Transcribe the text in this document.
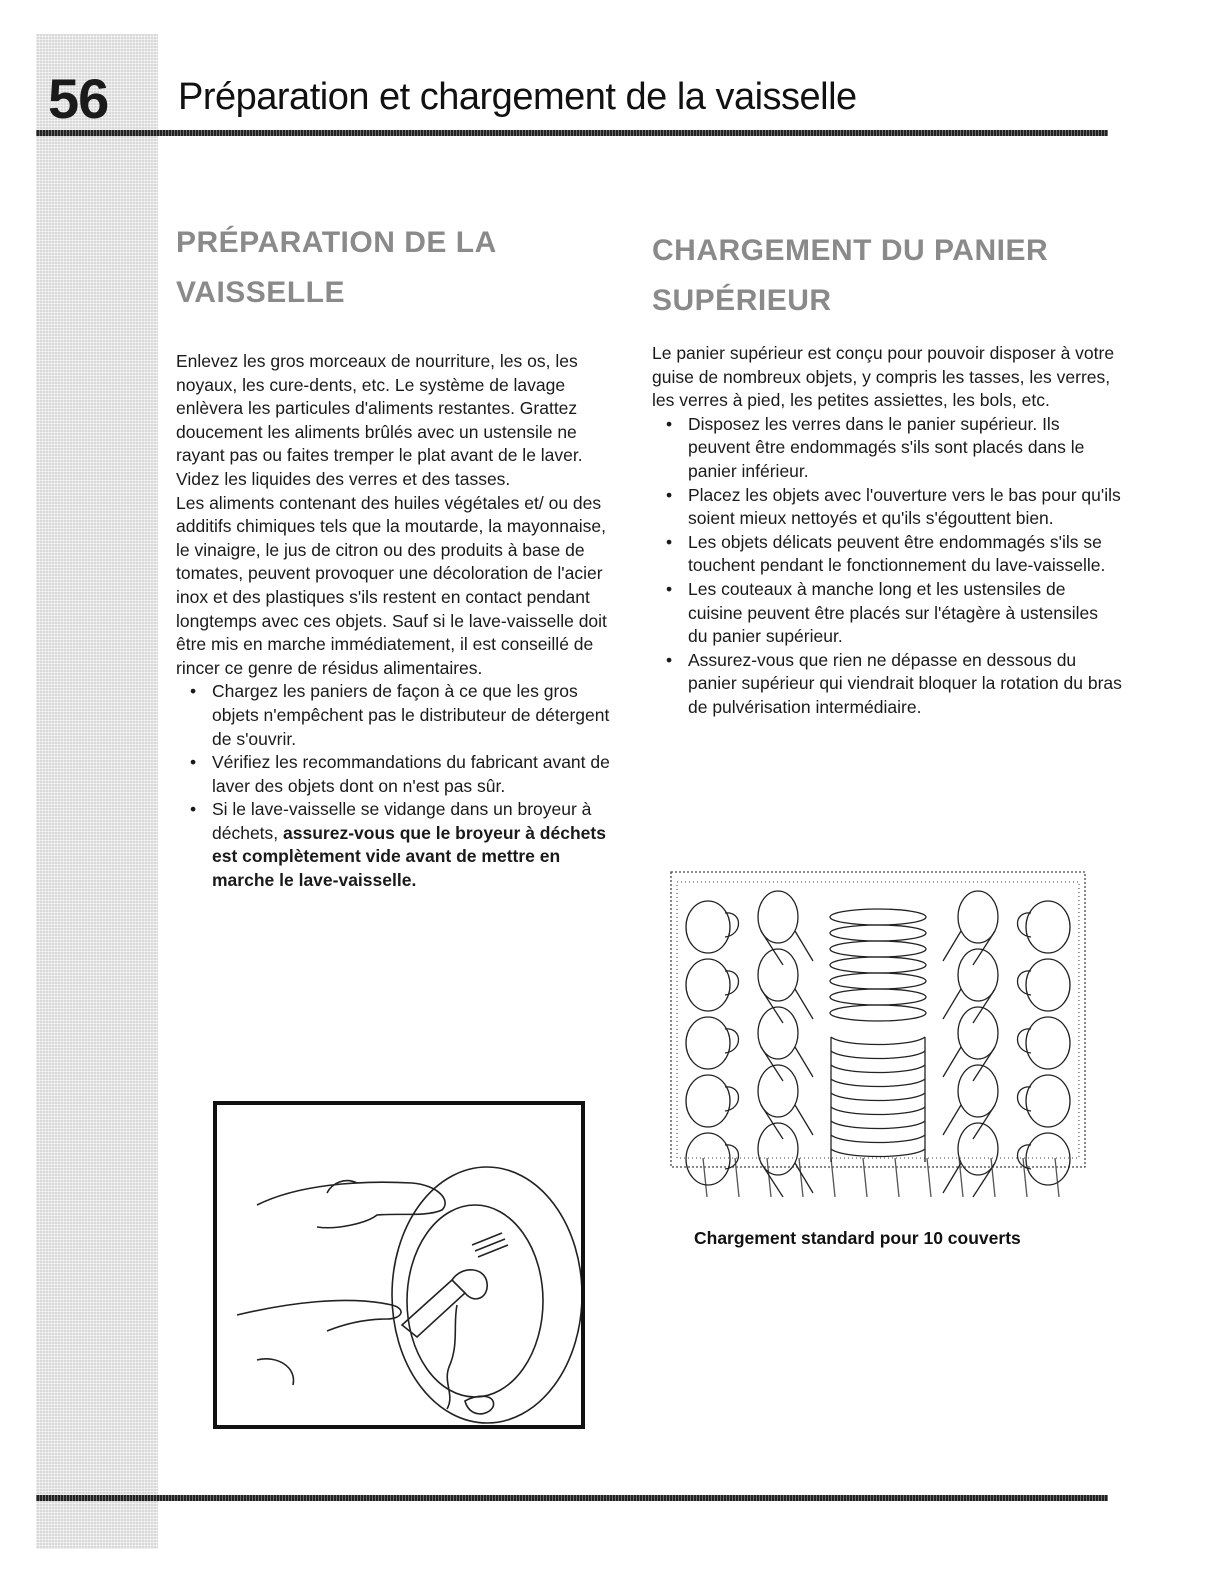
56 Préparation et chargement de la vaisselle
PRÉPARATION DE LA
VAISSELLE

Enlevez les gros morceaux de nourriture, les os, les noyaux, les cure-dents, etc. Le système de lavage enlèvera les particules d'aliments restantes. Grattez doucement les aliments brûlés avec un ustensile ne rayant pas ou faites tremper le plat avant de le laver. Videz les liquides des verres et des tasses.

Les aliments contenant des huiles végétales et/ ou des additifs chimiques tels que la moutarde, la mayonnaise, le vinaigre, le jus de citron ou des produits à base de tomates, peuvent provoquer une décoloration de l'acier inox et des plastiques s'ils restent en contact pendant longtemps avec ces objets. Sauf si le lave-vaisselle doit être mis en marche immédiatement, il est conseillé de rincer ce genre de résidus alimentaires.

• Chargez les paniers de façon à ce que les gros objets n'empêchent pas le distributeur de détergent de s'ouvrir.
• Vérifiez les recommandations du fabricant avant de laver des objets dont on n'est pas sûr.
• Si le lave-vaisselle se vidange dans un broyeur à déchets, assurez-vous que le broyeur à déchets est complètement vide avant de mettre en marche le lave-vaisselle.
CHARGEMENT DU PANIER
SUPÉRIEUR

Le panier supérieur est conçu pour pouvoir disposer à votre guise de nombreux objets, y compris les tasses, les verres, les verres à pied, les petites assiettes, les bols, etc.

• Disposez les verres dans le panier supérieur. Ils peuvent être endommagés s'ils sont placés dans le panier inférieur.
• Placez les objets avec l'ouverture vers le bas pour qu'ils soient mieux nettoyés et qu'ils s'égouttent bien.
• Les objets délicats peuvent être endommagés s'ils se touchent pendant le fonctionnement du lave-vaisselle.
• Les couteaux à manche long et les ustensiles de cuisine peuvent être placés sur l'étagère à ustensiles du panier supérieur.
• Assurez-vous que rien ne dépasse en dessous du panier supérieur qui viendrait bloquer la rotation du bras de pulvérisation intermédiaire.
Chargement standard pour 10 couverts
